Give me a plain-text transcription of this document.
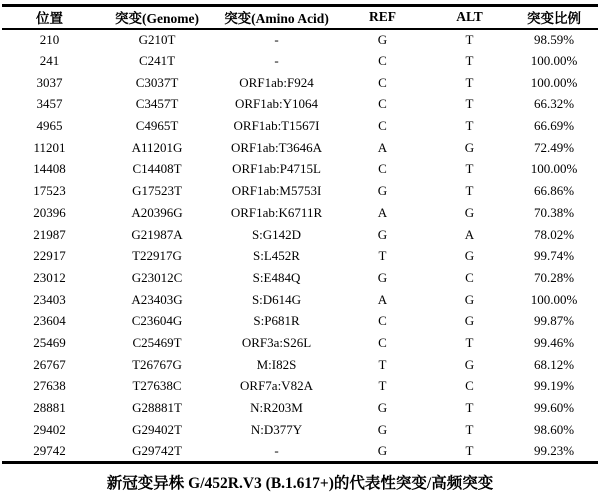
位置	突变(Genome)	突变(Amino Acid)	REF	ALT	突变比例
210	G210T	-	G	T	98.59%
241	C241T	-	C	T	100.00%
3037	C3037T	ORF1ab:F924	C	T	100.00%
3457	C3457T	ORF1ab:Y1064	C	T	66.32%
4965	C4965T	ORF1ab:T1567I	C	T	66.69%
11201	A11201G	ORF1ab:T3646A	A	G	72.49%
14408	C14408T	ORF1ab:P4715L	C	T	100.00%
17523	G17523T	ORF1ab:M5753I	G	T	66.86%
20396	A20396G	ORF1ab:K6711R	A	G	70.38%
21987	G21987A	S:G142D	G	A	78.02%
22917	T22917G	S:L452R	T	G	99.74%
23012	G23012C	S:E484Q	G	C	70.28%
23403	A23403G	S:D614G	A	G	100.00%
23604	C23604G	S:P681R	C	G	99.87%
25469	C25469T	ORF3a:S26L	C	T	99.46%
26767	T26767G	M:I82S	T	G	68.12%
27638	T27638C	ORF7a:V82A	T	C	99.19%
28881	G28881T	N:R203M	G	T	99.60%
29402	G29402T	N:D377Y	G	T	98.60%
29742	G29742T	-	G	T	99.23%
新冠变异株 G/452R.V3 (B.1.617+)的代表性突变/高频突变
